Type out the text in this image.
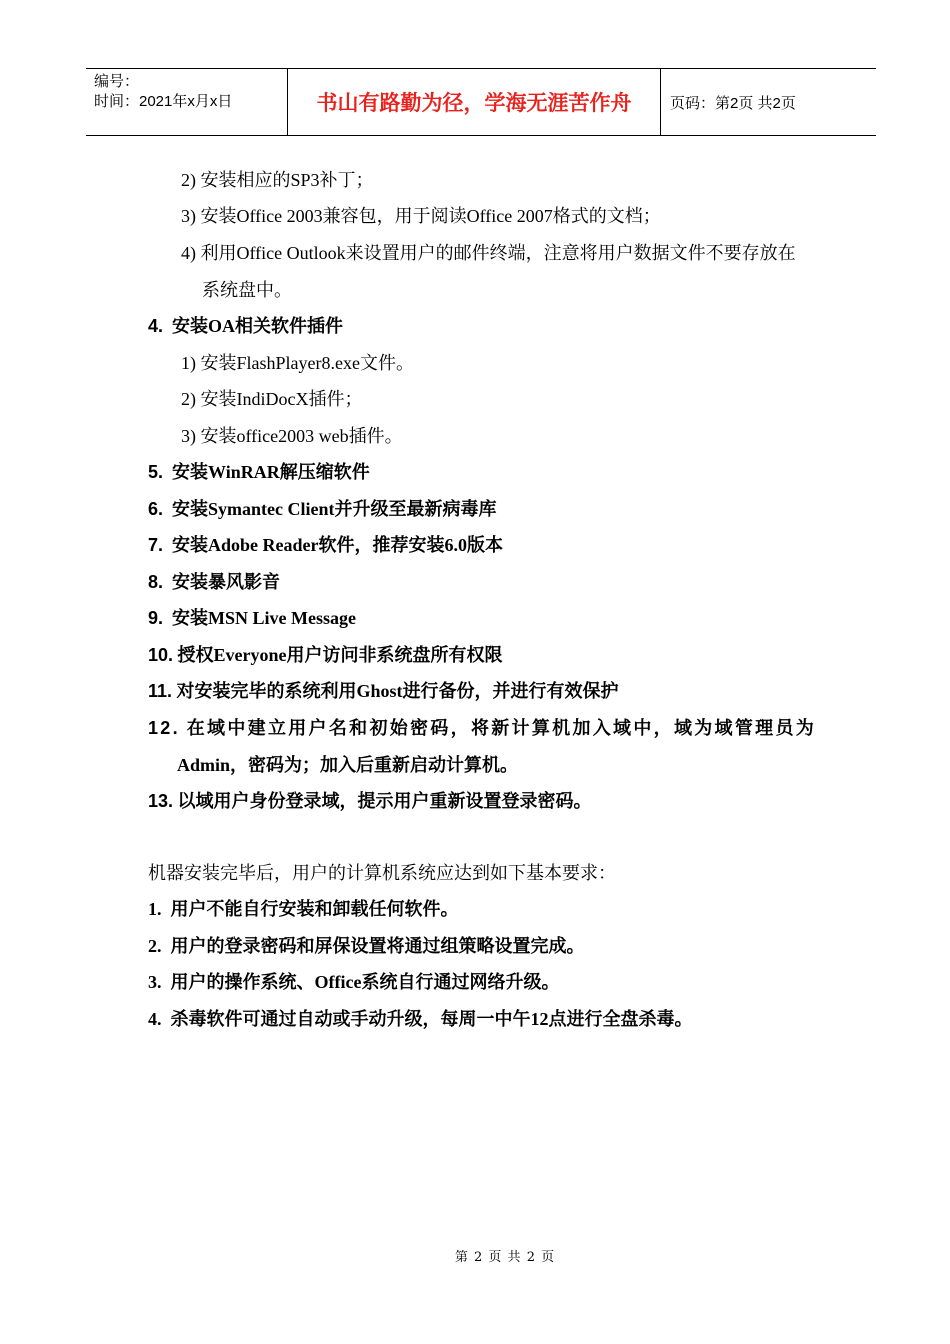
编号：
时间：2021年x月x日	书山有路勤为径，学海无涯苦作舟	页码：第2页 共2页
2) 安装相应的SP3补丁；
3) 安装Office 2003兼容包，用于阅读Office 2007格式的文档；
4) 利用Office Outlook来设置用户的邮件终端，注意将用户数据文件不要存放在
系统盘中。
4. 安装OA相关软件插件
1) 安装FlashPlayer8.exe文件。
2) 安装IndiDocX插件；
3) 安装office2003 web插件。
5. 安装WinRAR解压缩软件
6. 安装Symantec Client并升级至最新病毒库
7. 安装Adobe Reader软件，推荐安装6.0版本
8. 安装暴风影音
9. 安装MSN Live Message
10. 授权Everyone用户访问非系统盘所有权限
11. 对安装完毕的系统利用Ghost进行备份，并进行有效保护
12. 在域中建立用户名和初始密码，将新计算机加入域中，域为域管理员为
Admin，密码为；加入后重新启动计算机。
13. 以域用户身份登录域，提示用户重新设置登录密码。
机器安装完毕后，用户的计算机系统应达到如下基本要求：
1. 用户不能自行安装和卸载任何软件。
2. 用户的登录密码和屏保设置将通过组策略设置完成。
3. 用户的操作系统、Office系统自行通过网络升级。
4. 杀毒软件可通过自动或手动升级，每周一中午12点进行全盘杀毒。
第 2 页 共 2 页
